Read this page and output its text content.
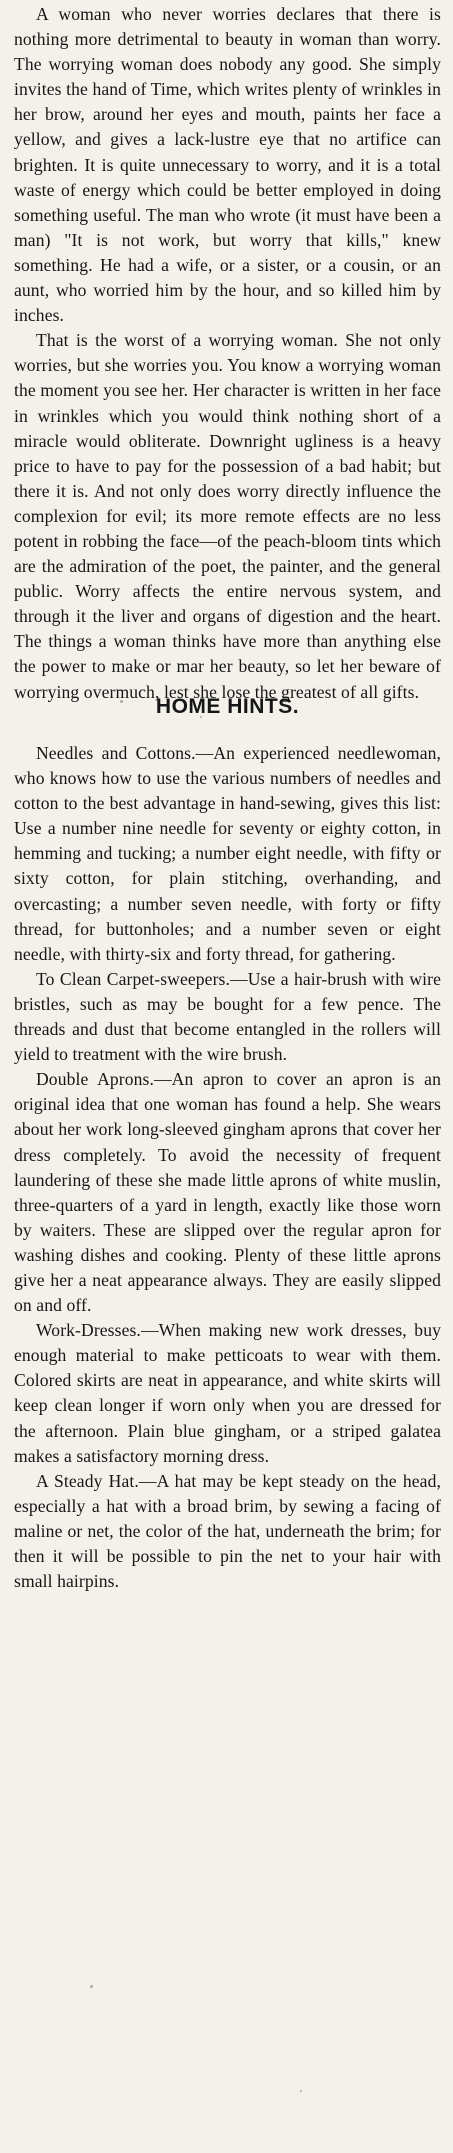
A woman who never worries declares that there is nothing more detrimental to beauty in woman than worry. The worrying woman does nobody any good. She simply invites the hand of Time, which writes plenty of wrinkles in her brow, around her eyes and mouth, paints her face a yellow, and gives a lack-lustre eye that no artifice can brighten. It is quite unnecessary to worry, and it is a total waste of energy which could be better employed in doing something useful. The man who wrote (it must have been a man) "It is not work, but worry that kills," knew something. He had a wife, or a sister, or a cousin, or an aunt, who worried him by the hour, and so killed him by inches.

That is the worst of a worrying woman. She not only worries, but she worries you. You know a worrying woman the moment you see her. Her character is written in her face in wrinkles which you would think nothing short of a miracle would obliterate. Downright ugliness is a heavy price to have to pay for the possession of a bad habit; but there it is. And not only does worry directly influence the complexion for evil; its more remote effects are no less potent in robbing the face—of the peach-bloom tints which are the admiration of the poet, the painter, and the general public. Worry affects the entire nervous system, and through it the liver and organs of digestion and the heart. The things a woman thinks have more than anything else the power to make or mar her beauty, so let her beware of worrying overmuch, lest she lose the greatest of all gifts.

HOME HINTS.

Needles and Cottons.—An experienced needlewoman, who knows how to use the various numbers of needles and cotton to the best advantage in hand-sewing, gives this list: Use a number nine needle for seventy or eighty cotton, in hemming and tucking; a number eight needle, with fifty or sixty cotton, for plain stitching, overhanding, and overcasting; a number seven needle, with forty or fifty thread, for buttonholes; and a number seven or eight needle, with thirty-six and forty thread, for gathering.

To Clean Carpet-sweepers.—Use a hair-brush with wire bristles, such as may be bought for a few pence. The threads and dust that become entangled in the rollers will yield to treatment with the wire brush.

Double Aprons.—An apron to cover an apron is an original idea that one woman has found a help. She wears about her work long-sleeved gingham aprons that cover her dress completely. To avoid the necessity of frequent laundering of these she made little aprons of white muslin, three-quarters of a yard in length, exactly like those worn by waiters. These are slipped over the regular apron for washing dishes and cooking. Plenty of these little aprons give her a neat appearance always. They are easily slipped on and off.

Work-Dresses.—When making new work dresses, buy enough material to make petticoats to wear with them. Colored skirts are neat in appearance, and white skirts will keep clean longer if worn only when you are dressed for the afternoon. Plain blue gingham, or a striped galatea makes a satisfactory morning dress.

A Steady Hat.—A hat may be kept steady on the head, especially a hat with a broad brim, by sewing a facing of maline or net, the color of the hat, underneath the brim; for then it will be possible to pin the net to your hair with small hairpins.
